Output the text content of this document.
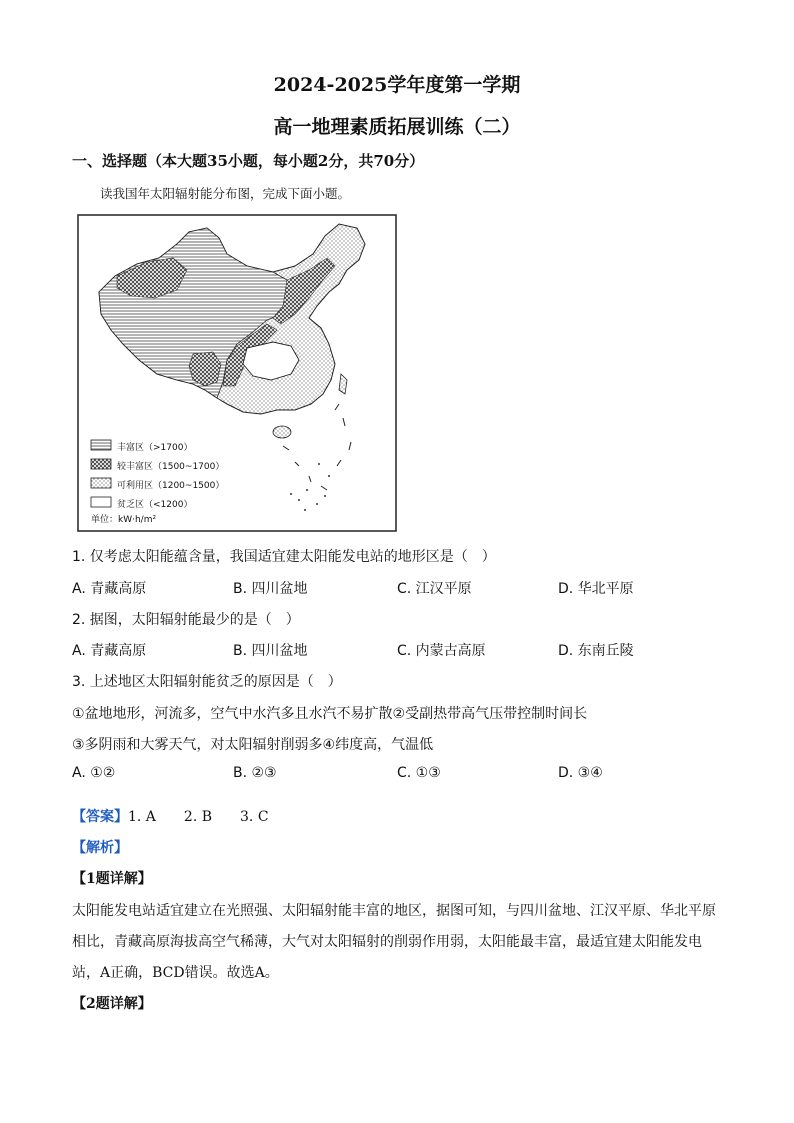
2024-2025学年度第一学期
高一地理素质拓展训练（二）
一、选择题（本大题35小题，每小题2分，共70分）
读我国年太阳辐射能分布图，完成下面小题。
丰富区（>1700）
较丰富区（1500~1700）
可利用区（1200~1500）
贫乏区（<1200）
单位：kW·h/m²
1. 仅考虑太阳能蕴含量，我国适宜建太阳能发电站的地形区是（　）
A. 青藏高原	B. 四川盆地	C. 江汉平原	D. 华北平原
2. 据图，太阳辐射能最少的是（　）
A. 青藏高原	B. 四川盆地	C. 内蒙古高原	D. 东南丘陵
3. 上述地区太阳辐射能贫乏的原因是（　）
①盆地地形，河流多，空气中水汽多且水汽不易扩散②受副热带高气压带控制时间长
③多阴雨和大雾天气，对太阳辐射削弱多④纬度高，气温低
A. ①②	B. ②③	C. ①③	D. ③④
【答案】1. A　　2. B　　3. C
【解析】
【1题详解】
太阳能发电站适宜建立在光照强、太阳辐射能丰富的地区，据图可知，与四川盆地、江汉平原、华北平原
相比，青藏高原海拔高空气稀薄，大气对太阳辐射的削弱作用弱，太阳能最丰富，最适宜建太阳能发电
站，A正确，BCD错误。故选A。
【2题详解】
